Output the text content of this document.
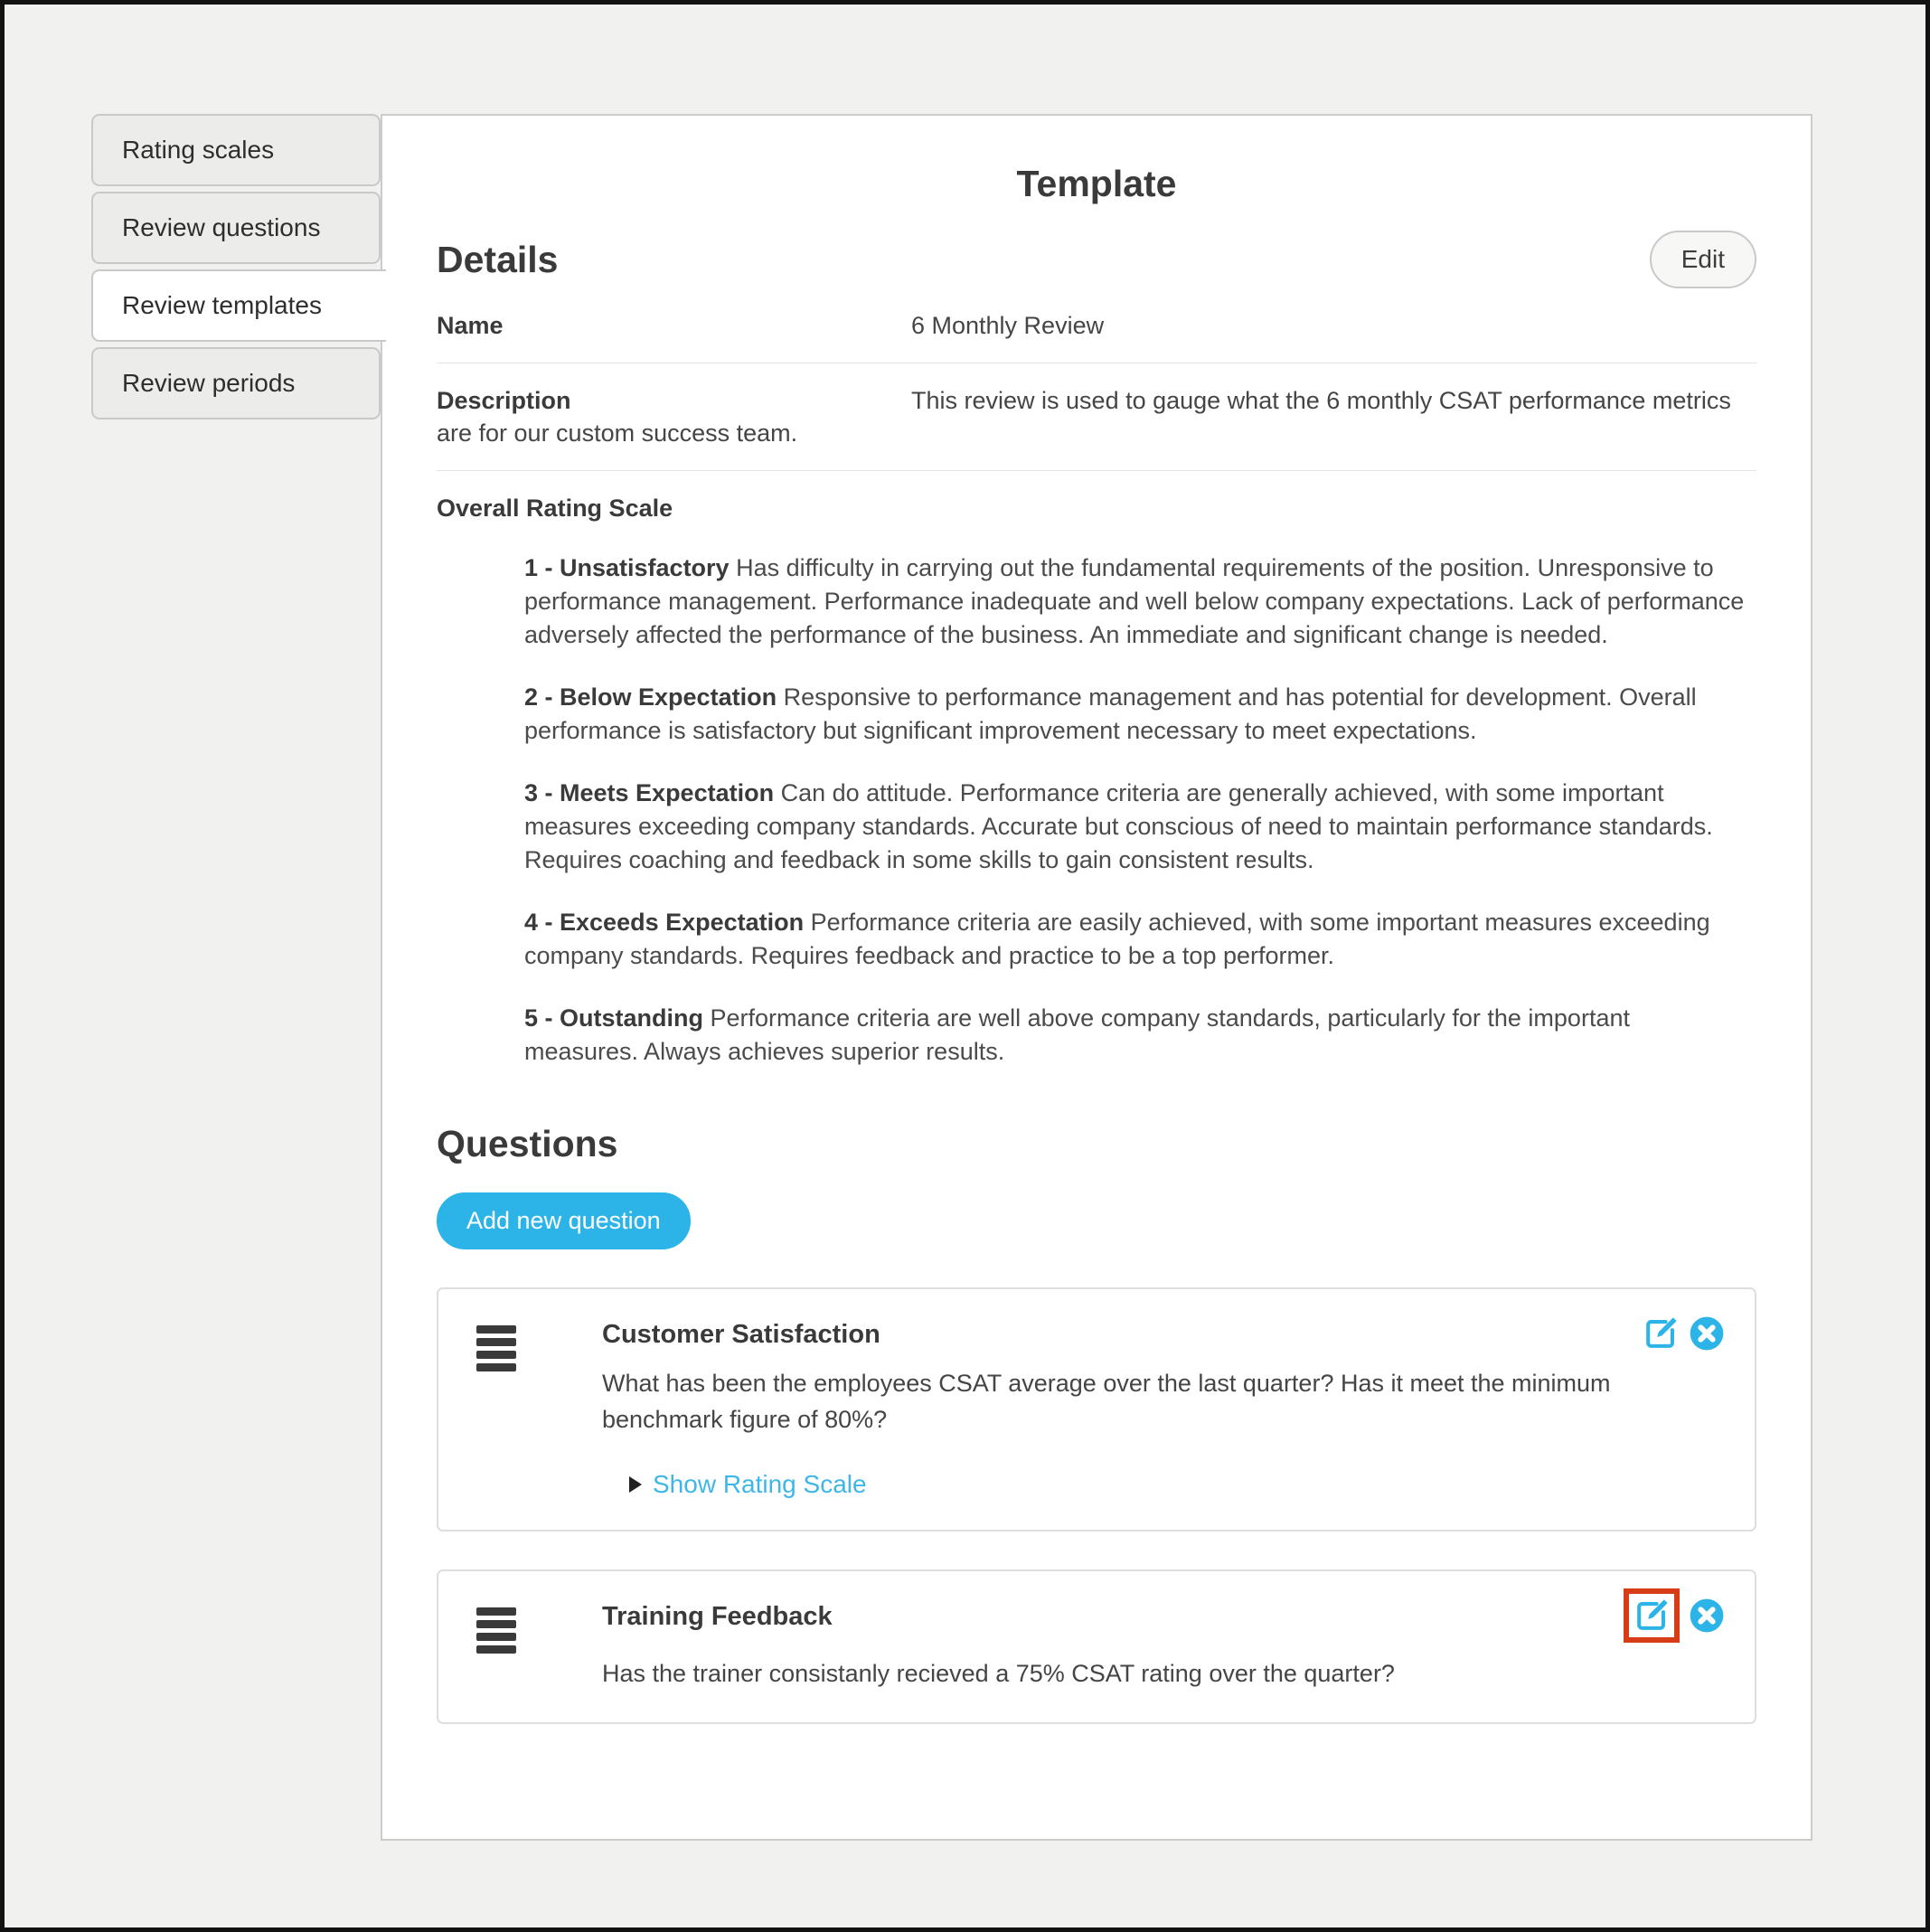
Rating scales
Review questions
Review templates
Review periods
Template
Details	Edit
Name	6 Monthly Review
Description	This review is used to gauge what the 6 monthly CSAT performance metrics are for our custom success team.
Overall Rating Scale

1 - Unsatisfactory Has difficulty in carrying out the fundamental requirements of the position. Unresponsive to performance management. Performance inadequate and well below company expectations. Lack of performance adversely affected the performance of the business. An immediate and significant change is needed.

2 - Below Expectation Responsive to performance management and has potential for development. Overall performance is satisfactory but significant improvement necessary to meet expectations.

3 - Meets Expectation Can do attitude. Performance criteria are generally achieved, with some important measures exceeding company standards. Accurate but conscious of need to maintain performance standards. Requires coaching and feedback in some skills to gain consistent results.

4 - Exceeds Expectation Performance criteria are easily achieved, with some important measures exceeding company standards. Requires feedback and practice to be a top performer.

5 - Outstanding Performance criteria are well above company standards, particularly for the important measures. Always achieves superior results.

Questions
Add new question
Customer Satisfaction
What has been the employees CSAT average over the last quarter? Has it meet the minimum benchmark figure of 80%?
Show Rating Scale
Training Feedback
Has the trainer consistanly recieved a 75% CSAT rating over the quarter?
